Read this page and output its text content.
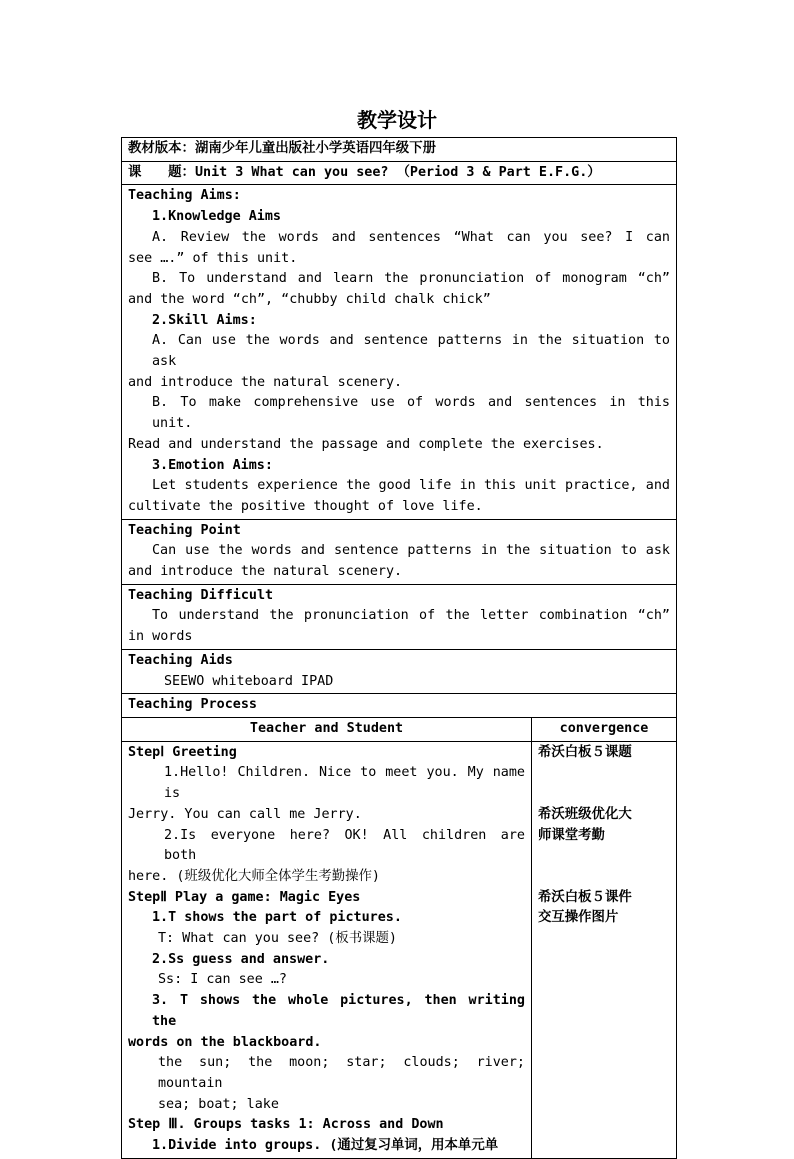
教学设计
教材版本：湖南少年儿童出版社小学英语四年级下册
课　　题：Unit 3 What can you see? （Period 3 & Part E.F.G.）
Teaching Aims:
1.Knowledge Aims
A. Review the words and sentences “What can you see? I can
see ….” of this unit.
B. To understand and learn the pronunciation of monogram “ch”
and the word “ch”, “chubby child chalk chick”
2.Skill Aims:
A. Can use the words and sentence patterns in the situation to ask
and introduce the natural scenery.
B. To make comprehensive use of words and sentences in this unit.
Read and understand the passage and complete the exercises.
3.Emotion Aims:
Let students experience the good life in this unit practice, and
cultivate the positive thought of love life.
Teaching Point
Can use the words and sentence patterns in the situation to ask
and introduce the natural scenery.
Teaching Difficult
To understand the pronunciation of the letter combination “ch”
in words
Teaching Aids
SEEWO whiteboard IPAD
Teaching Process
Teacher and Student	convergence
StepⅠ Greeting
1.Hello! Children. Nice to meet you. My name is
Jerry. You can call me Jerry.
2.Is everyone here? OK! All children are both
here. (班级优化大师全体学生考勤操作)
StepⅡ Play a game: Magic Eyes
1.T shows the part of pictures.
T: What can you see? (板书课题)
2.Ss guess and answer.
Ss: I can see …?
3. T shows the whole pictures, then writing the
words on the blackboard.
the sun; the moon; star; clouds; river; mountain
sea; boat; lake
Step Ⅲ. Groups tasks 1: Across and Down
1.Divide into groups. (通过复习单词，用本单元单
希沃白板５课题

希沃班级优化大
师课堂考勤

希沃白板５课件
交互操作图片
